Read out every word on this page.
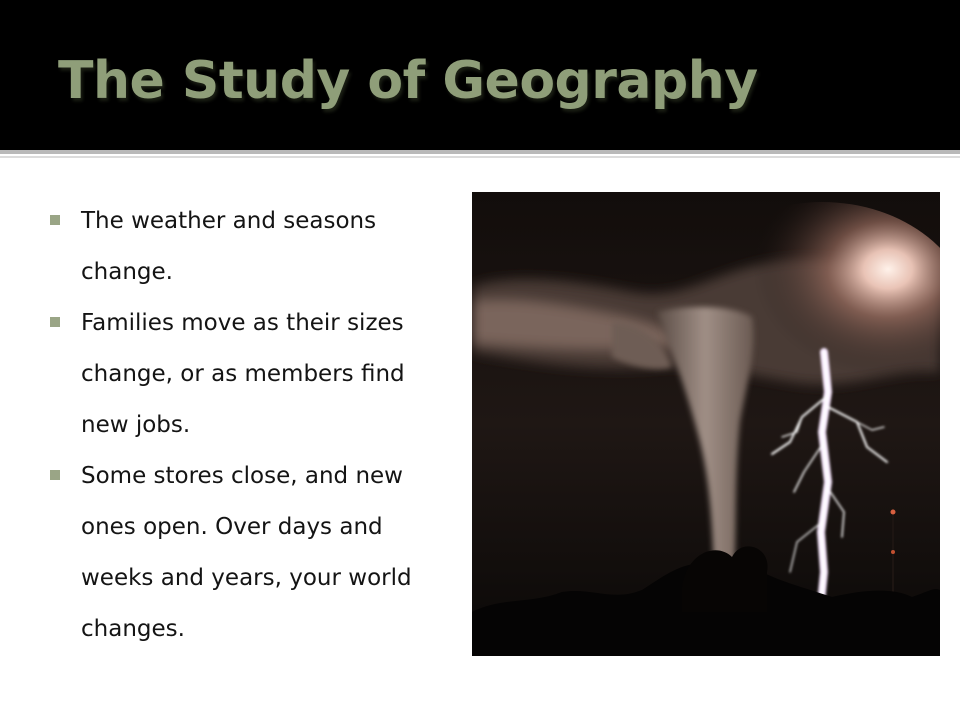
The Study of Geography
The weather and seasons change.
Families move as their sizes change, or as members find new jobs.
Some stores close, and new ones open. Over days and weeks and years, your world changes.
